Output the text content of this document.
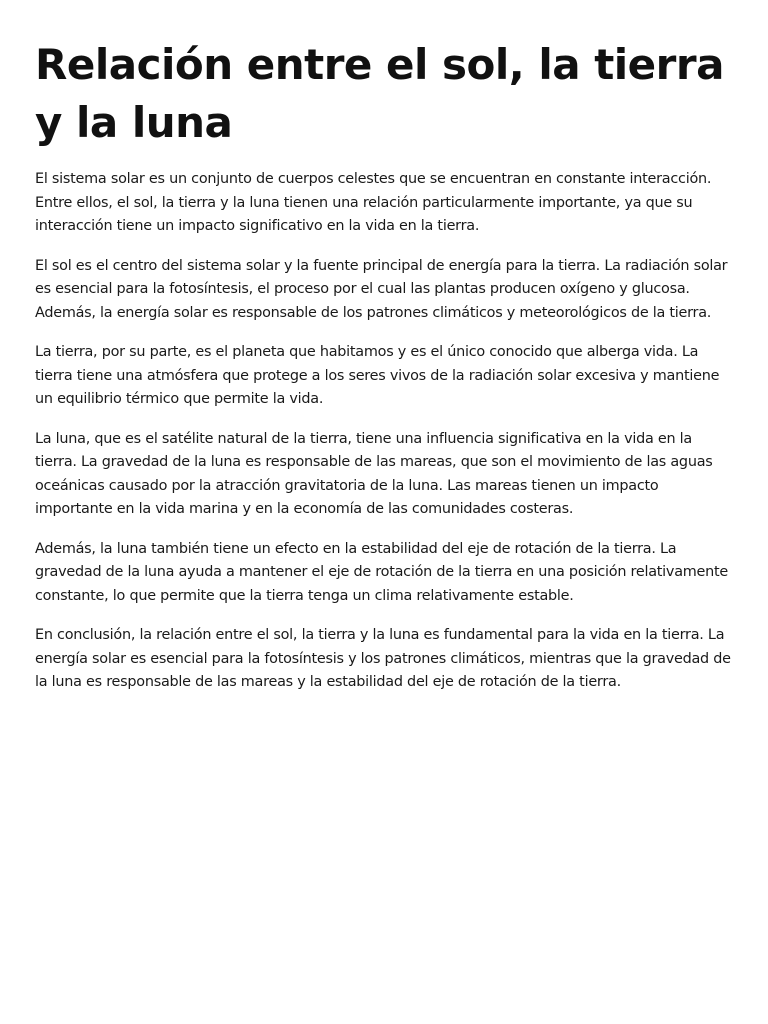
Relación entre el sol, la tierra y la luna

El sistema solar es un conjunto de cuerpos celestes que se encuentran en constante interacción. Entre ellos, el sol, la tierra y la luna tienen una relación particularmente importante, ya que su interacción tiene un impacto significativo en la vida en la tierra.

El sol es el centro del sistema solar y la fuente principal de energía para la tierra. La radiación solar es esencial para la fotosíntesis, el proceso por el cual las plantas producen oxígeno y glucosa. Además, la energía solar es responsable de los patrones climáticos y meteorológicos de la tierra.

La tierra, por su parte, es el planeta que habitamos y es el único conocido que alberga vida. La tierra tiene una atmósfera que protege a los seres vivos de la radiación solar excesiva y mantiene un equilibrio térmico que permite la vida.

La luna, que es el satélite natural de la tierra, tiene una influencia significativa en la vida en la tierra. La gravedad de la luna es responsable de las mareas, que son el movimiento de las aguas oceánicas causado por la atracción gravitatoria de la luna. Las mareas tienen un impacto importante en la vida marina y en la economía de las comunidades costeras.

Además, la luna también tiene un efecto en la estabilidad del eje de rotación de la tierra. La gravedad de la luna ayuda a mantener el eje de rotación de la tierra en una posición relativamente constante, lo que permite que la tierra tenga un clima relativamente estable.

En conclusión, la relación entre el sol, la tierra y la luna es fundamental para la vida en la tierra. La energía solar es esencial para la fotosíntesis y los patrones climáticos, mientras que la gravedad de la luna es responsable de las mareas y la estabilidad del eje de rotación de la tierra.
